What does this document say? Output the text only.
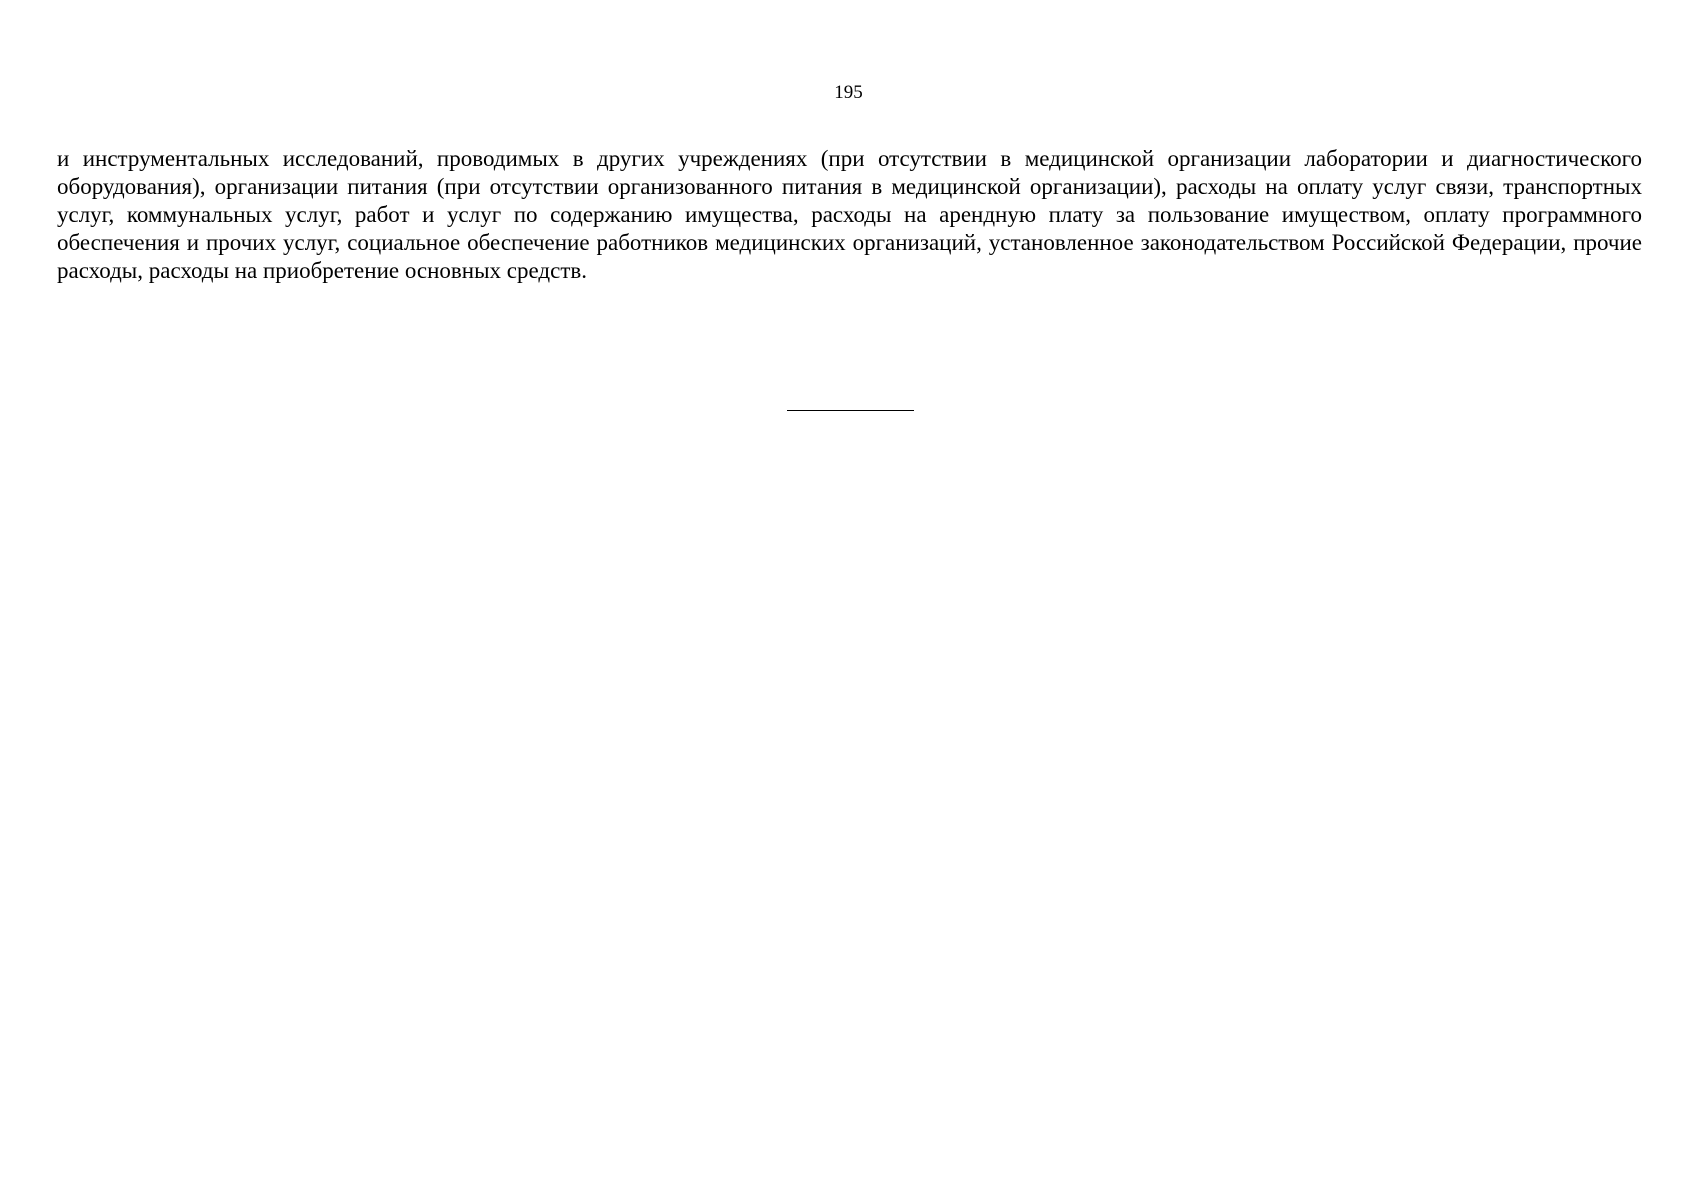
195

и инструментальных исследований, проводимых в других учреждениях (при отсутствии в медицинской организации лаборатории и диагностического оборудования), организации питания (при отсутствии организованного питания в медицинской организации), расходы на оплату услуг связи, транспортных услуг, коммунальных услуг, работ и услуг по содержанию имущества, расходы на арендную плату за пользование имуществом, оплату программного обеспечения и прочих услуг, социальное обеспечение работников медицинских организаций, установленное законодательством Российской Федерации, прочие расходы, расходы на приобретение основных средств.
